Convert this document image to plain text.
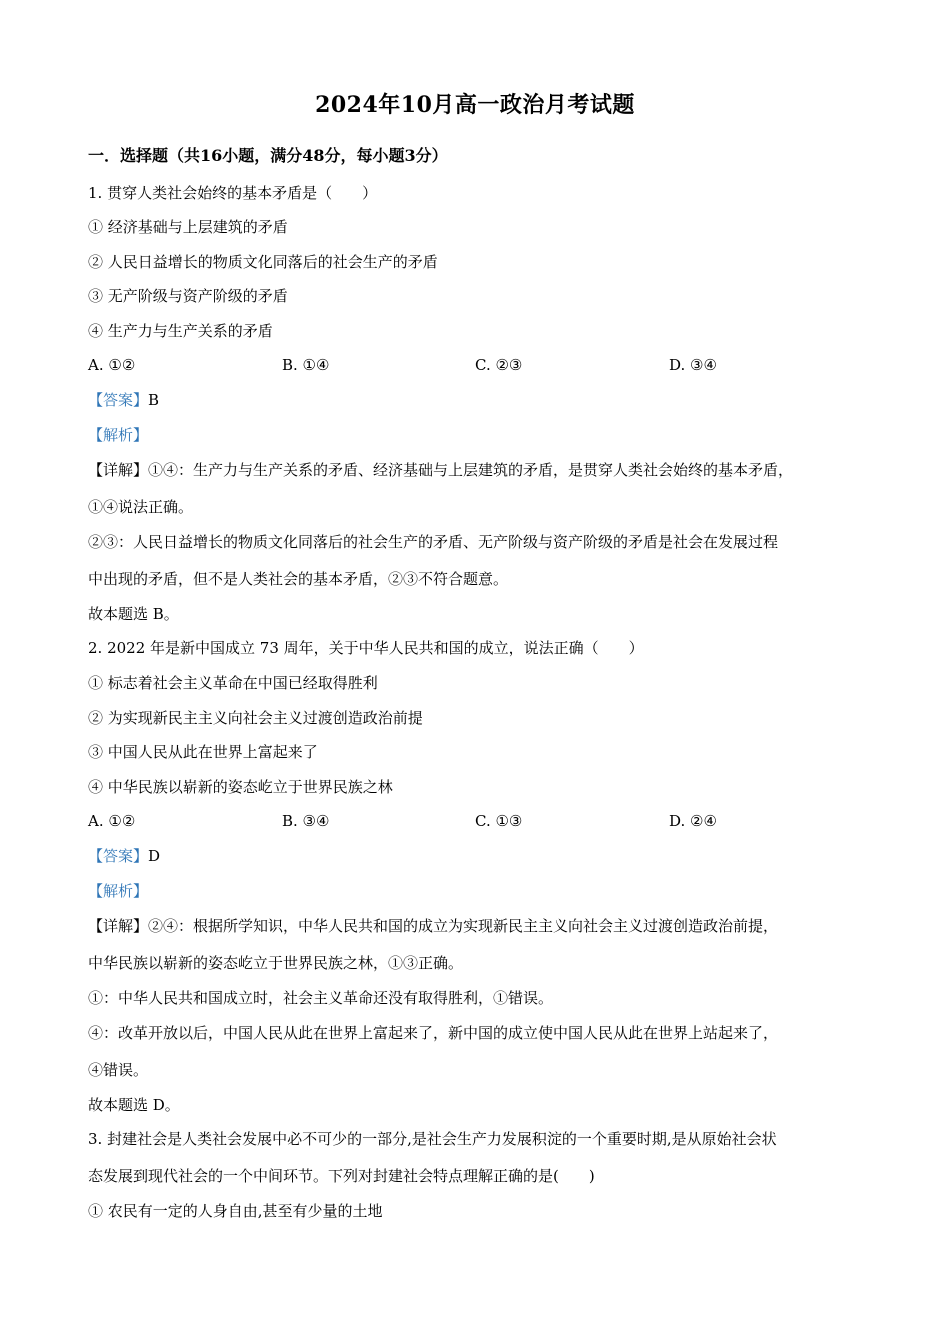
2024年10月高一政治月考试题
一．选择题（共16小题，满分48分，每小题3分）
1. 贯穿人类社会始终的基本矛盾是（　　）
① 经济基础与上层建筑的矛盾
② 人民日益增长的物质文化同落后的社会生产的矛盾
③ 无产阶级与资产阶级的矛盾
④ 生产力与生产关系的矛盾
A. ①②	B. ①④	C. ②③	D. ③④
【答案】B
【解析】
【详解】①④：生产力与生产关系的矛盾、经济基础与上层建筑的矛盾，是贯穿人类社会始终的基本矛盾，
①④说法正确。
②③：人民日益增长的物质文化同落后的社会生产的矛盾、无产阶级与资产阶级的矛盾是社会在发展过程
中出现的矛盾，但不是人类社会的基本矛盾，②③不符合题意。
故本题选 B。
2. 2022 年是新中国成立 73 周年，关于中华人民共和国的成立，说法正确（　　）
① 标志着社会主义革命在中国已经取得胜利
② 为实现新民主主义向社会主义过渡创造政治前提
③ 中国人民从此在世界上富起来了
④ 中华民族以崭新的姿态屹立于世界民族之林
A. ①②	B. ③④	C. ①③	D. ②④
【答案】D
【解析】
【详解】②④：根据所学知识，中华人民共和国的成立为实现新民主主义向社会主义过渡创造政治前提，
中华民族以崭新的姿态屹立于世界民族之林，①③正确。
①：中华人民共和国成立时，社会主义革命还没有取得胜利，①错误。
④：改革开放以后，中国人民从此在世界上富起来了，新中国的成立使中国人民从此在世界上站起来了，
④错误。
故本题选 D。
3. 封建社会是人类社会发展中必不可少的一部分,是社会生产力发展积淀的一个重要时期,是从原始社会状
态发展到现代社会的一个中间环节。下列对封建社会特点理解正确的是(　　)
① 农民有一定的人身自由,甚至有少量的土地
